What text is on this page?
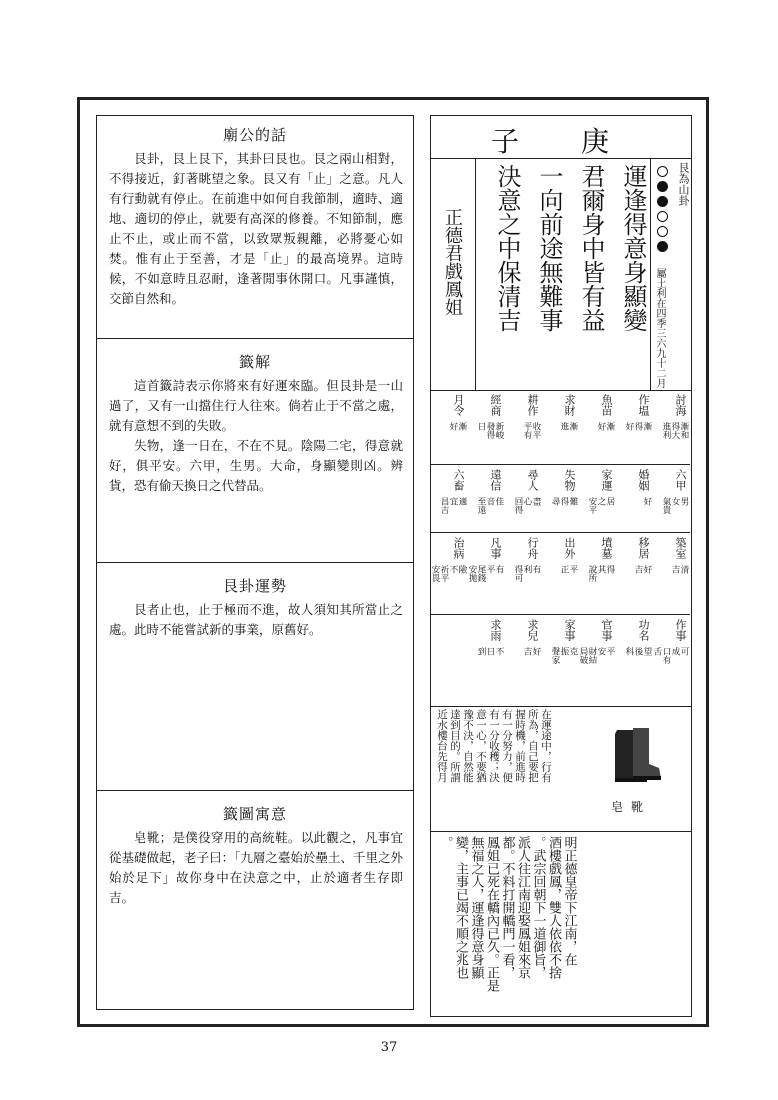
廟公的話

艮卦，艮上艮下，其卦曰艮也。艮之兩山相對，不得接近，釘著眺望之象。艮又有「止」之意。凡人有行動就有停止。在前進中如何自我節制，適時、適地、適切的停止，就要有高深的修養。不知節制，應止不止，或止而不當，以致眾叛親離，必將憂心如焚。惟有止于至善，才是「止」的最高境界。這時候，不如意時且忍耐，逢著閒事休開口。凡事謹慎，交節自然和。

籤解

這首籤詩表示你將來有好運來臨。但艮卦是一山過了，又有一山擋住行人往來。倘若止于不當之處，就有意想不到的失敗。

失物，逢一日在，不在不見。陰陽二宅，得意就好，俱平安。六甲，生男。大命，身顯變則凶。辨貨，恐有偷天換日之代替品。

艮卦運勢

艮者止也，止于極而不進，故人須知其所當止之處。此時不能嘗試新的事業，原舊好。

籤圖寓意

皂靴；是僕役穿用的高統鞋。以此觀之，凡事宜從基礎做起，老子曰：「九層之臺始於壘土、千里之外始於足下」故你身中在決意之中，止於適者生存即吉。

庚
子
艮為山卦
屬土利在四季三六九十二月
運逢得意身顯變
君爾身中皆有益
一向前途無難事
決意之中保清吉
正德君戲鳳姐
討海
漸和
得大
進利
作塭
漸
得
好
魚苗
漸
好
求財
漸
進
耕作
收平
平有
經商
新峻
發得
日
月令
漸
好
六甲
男
女
氣貴
婚姻
好
家運
居
之
安平
失物
難
得
尋
尋人
盡
心
回得
遠信
佳
音
至遠
六畜
適
宜
昌吉
築室
清
吉
移居
好
吉
墳墓
得
其
說所
出外
平
正
行舟
有
利
得可
凡事
有
平
尾錢
安拋
治病
險
不
祈平
安畏
作事
可
成
口有
舌
功名
望
後
科
官事
平
安
財結
局破
家事
克
振
聲家
求兒
好
吉
求雨
不
日
到
在運途中，行有
所為，自己要把
握時機，前進時
有一分努力，便
有一分收穫；決
意一心，不要猶
豫不決，自然能
達到目的。所謂
近水樓台先得月
皂靴
明正德皇帝下江南，在
酒樓戲鳳，雙人依依不捨
。武宗回朝下一道御旨，
派人往江南迎娶鳳姐來京
都。不料打開轎門一看，
鳳姐已死在轎內已久。正是
無福之人，運逢得意身顯
變，主事已竭不順之兆也
。
37
